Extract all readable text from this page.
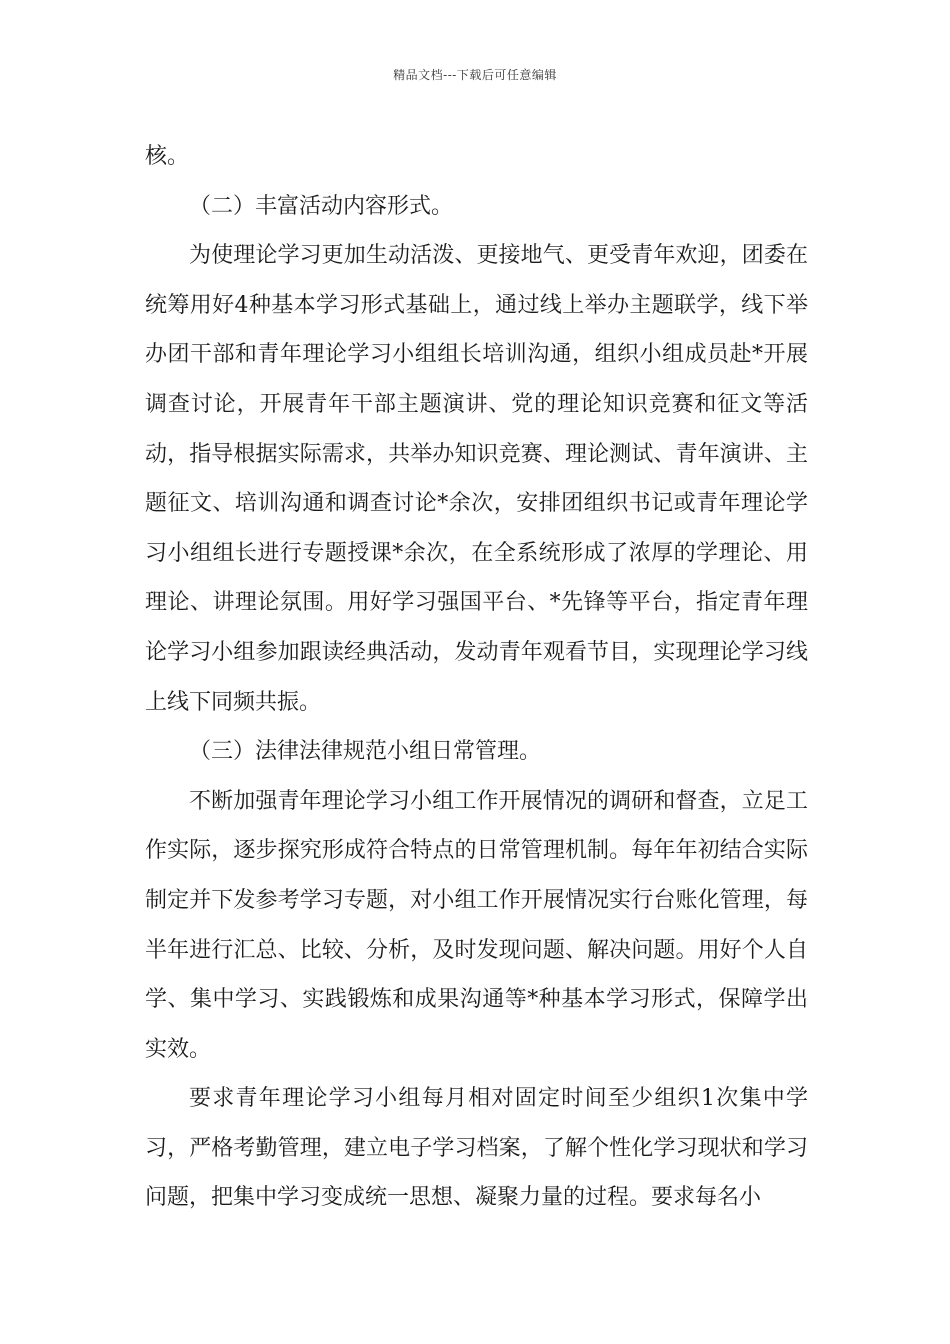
精品文档---下载后可任意编辑

核。

（二）丰富活动内容形式。

为使理论学习更加生动活泼、更接地气、更受青年欢迎，团委在统筹用好4种基本学习形式基础上，通过线上举办主题联学，线下举办团干部和青年理论学习小组组长培训沟通，组织小组成员赴*开展调查讨论，开展青年干部主题演讲、党的理论知识竞赛和征文等活动，指导根据实际需求，共举办知识竞赛、理论测试、青年演讲、主题征文、培训沟通和调查讨论*余次，安排团组织书记或青年理论学习小组组长进行专题授课*余次，在全系统形成了浓厚的学理论、用理论、讲理论氛围。用好学习强国平台、*先锋等平台，指定青年理论学习小组参加跟读经典活动，发动青年观看节目，实现理论学习线上线下同频共振。

（三）法律法律规范小组日常管理。

不断加强青年理论学习小组工作开展情况的调研和督查，立足工作实际，逐步探究形成符合特点的日常管理机制。每年年初结合实际制定并下发参考学习专题，对小组工作开展情况实行台账化管理，每半年进行汇总、比较、分析，及时发现问题、解决问题。用好个人自学、集中学习、实践锻炼和成果沟通等*种基本学习形式，保障学出实效。

要求青年理论学习小组每月相对固定时间至少组织1次集中学习，严格考勤管理，建立电子学习档案，了解个性化学习现状和学习问题，把集中学习变成统一思想、凝聚力量的过程。要求每名小
